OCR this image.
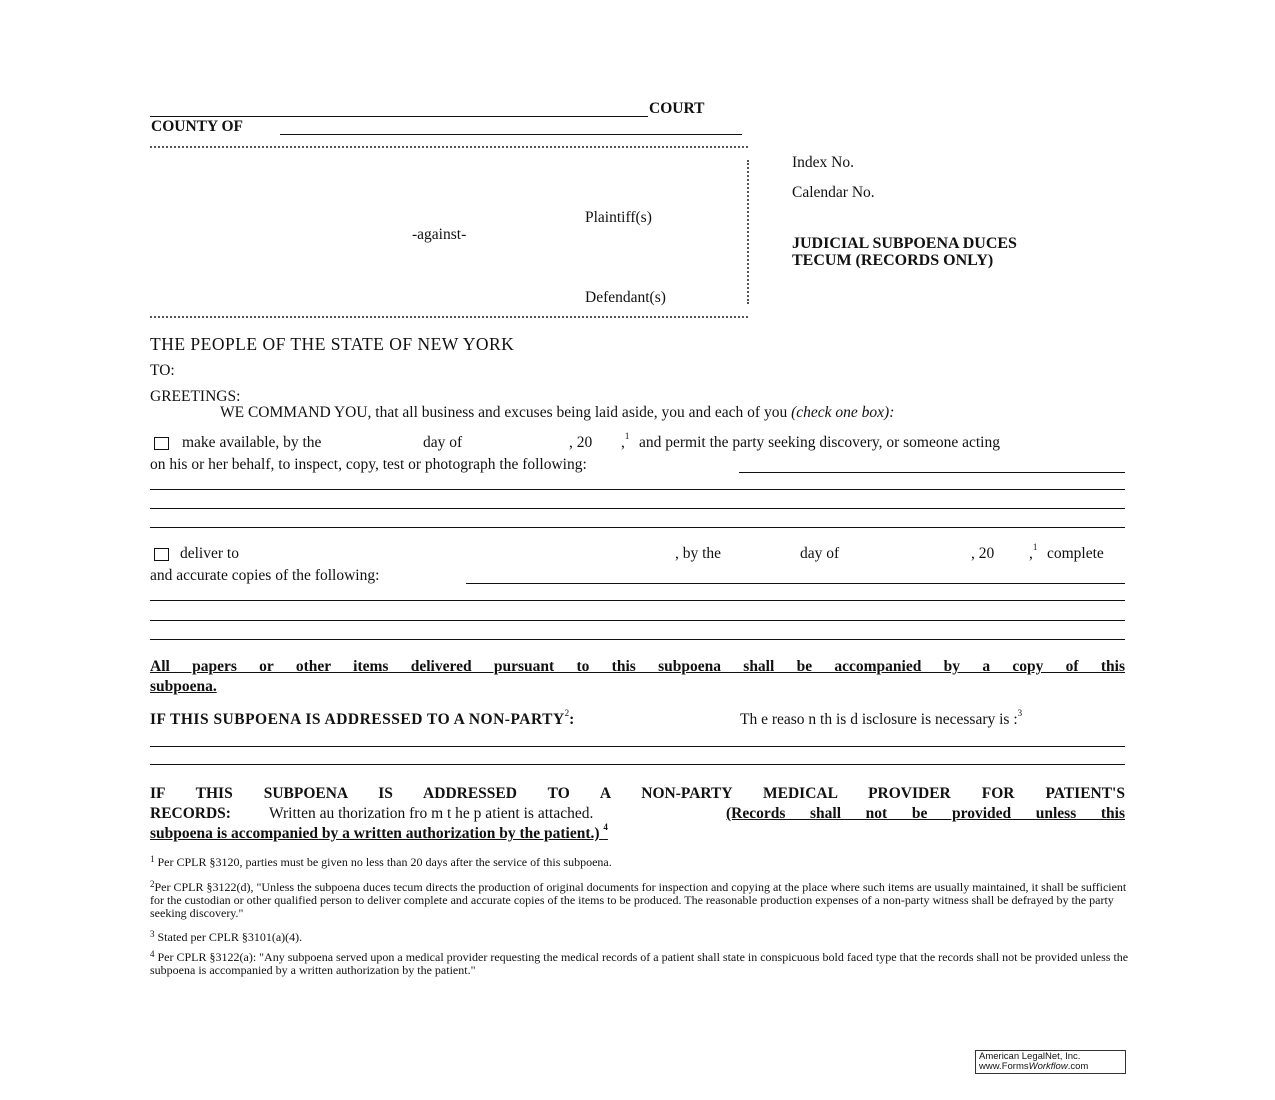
COURT
COUNTY OF
Index No.
Calendar No.
Plaintiff(s)
-against-
Defendant(s)
JUDICIAL SUBPOENA DUCES
TECUM (RECORDS ONLY)
THE PEOPLE OF THE STATE OF NEW YORK
TO:
GREETINGS:
WE COMMAND YOU, that all business and excuses being laid aside, you and each of you (check one box):
make available, by the	day of	, 20 ,$^1$ and permit the party seeking discovery, or someone acting
on his or her behalf, to inspect, copy, test or photograph the following:
deliver to	, by the	day of	, 20 ,$^1$ complete
and accurate copies of the following:
All papers or other items delivered pursuant to this subpoena shall be accompanied by a copy of this
subpoena.
IF THIS SUBPOENA IS ADDRESSED TO A NON-PARTY$^2$:	Th e reaso n th is d isclosure is necessary is :$^3$
IF THIS SUBPOENA IS ADDRESSED TO A NON-PARTY MEDICAL PROVIDER FOR PATIENT'S
RECORDS: Written au thorization fro m t he p atient is attached.	(Records shall not be provided unless this
subpoena is accompanied by a written authorization by the patient.) $^4$
$^1$ Per CPLR §3120, parties must be given no less than 20 days after the service of this subpoena.
$^2$Per CPLR §3122(d), "Unless the subpoena duces tecum directs the production of original documents for inspection and copying at the place where such items are usually maintained, it shall be sufficient for the custodian or other qualified person to deliver complete and accurate copies of the items to be produced. The reasonable production expenses of a non-party witness shall be defrayed by the party seeking discovery."
$^3$ Stated per CPLR §3101(a)(4).
$^4$ Per CPLR §3122(a): "Any subpoena served upon a medical provider requesting the medical records of a patient shall state in conspicuous bold faced type that the records shall not be provided unless the subpoena is accompanied by a written authorization by the patient."
American LegalNet, Inc.
www.FormsWorkflow.com
